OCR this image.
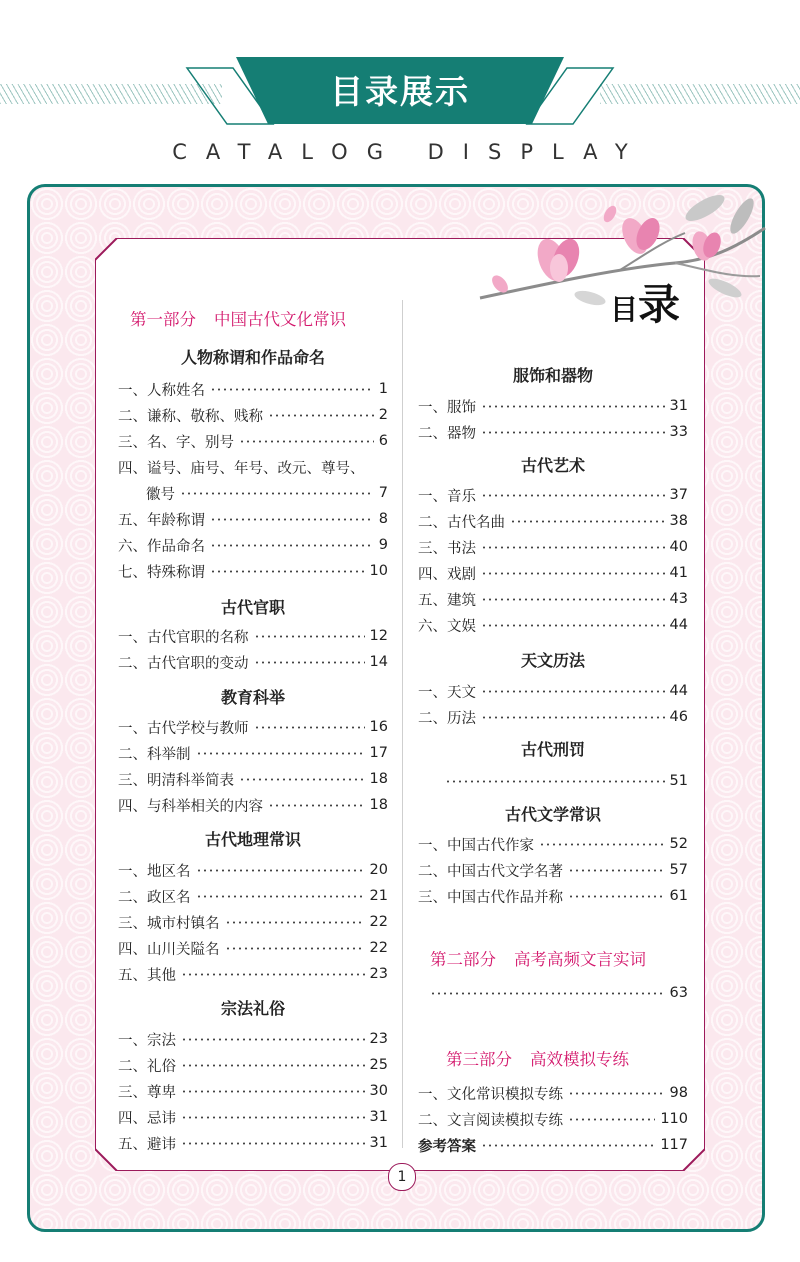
目录展示
CATALOG DISPLAY
目录
第一部分 中国古代文化常识
人物称谓和作品命名
一、人称姓名	1
二、谦称、敬称、贱称	2
三、名、字、别号	6
四、谥号、庙号、年号、改元、尊号、
徽号	7
五、年龄称谓	8
六、作品命名	9
七、特殊称谓	10
古代官职
一、古代官职的名称	12
二、古代官职的变动	14
教育科举
一、古代学校与教师	16
二、科举制	17
三、明清科举简表	18
四、与科举相关的内容	18
古代地理常识
一、地区名	20
二、政区名	21
三、城市村镇名	22
四、山川关隘名	22
五、其他	23
宗法礼俗
一、宗法	23
二、礼俗	25
三、尊卑	30
四、忌讳	31
五、避讳	31
服饰和器物
一、服饰	31
二、器物	33
古代艺术
一、音乐	37
二、古代名曲	38
三、书法	40
四、戏剧	41
五、建筑	43
六、文娱	44
天文历法
一、天文	44
二、历法	46
古代刑罚
51
古代文学常识
一、中国古代作家	52
二、中国古代文学名著	57
三、中国古代作品并称	61
第二部分 高考高频文言实词
63
第三部分 高效模拟专练
一、文化常识模拟专练	98
二、文言阅读模拟专练	110
参考答案	117
1
